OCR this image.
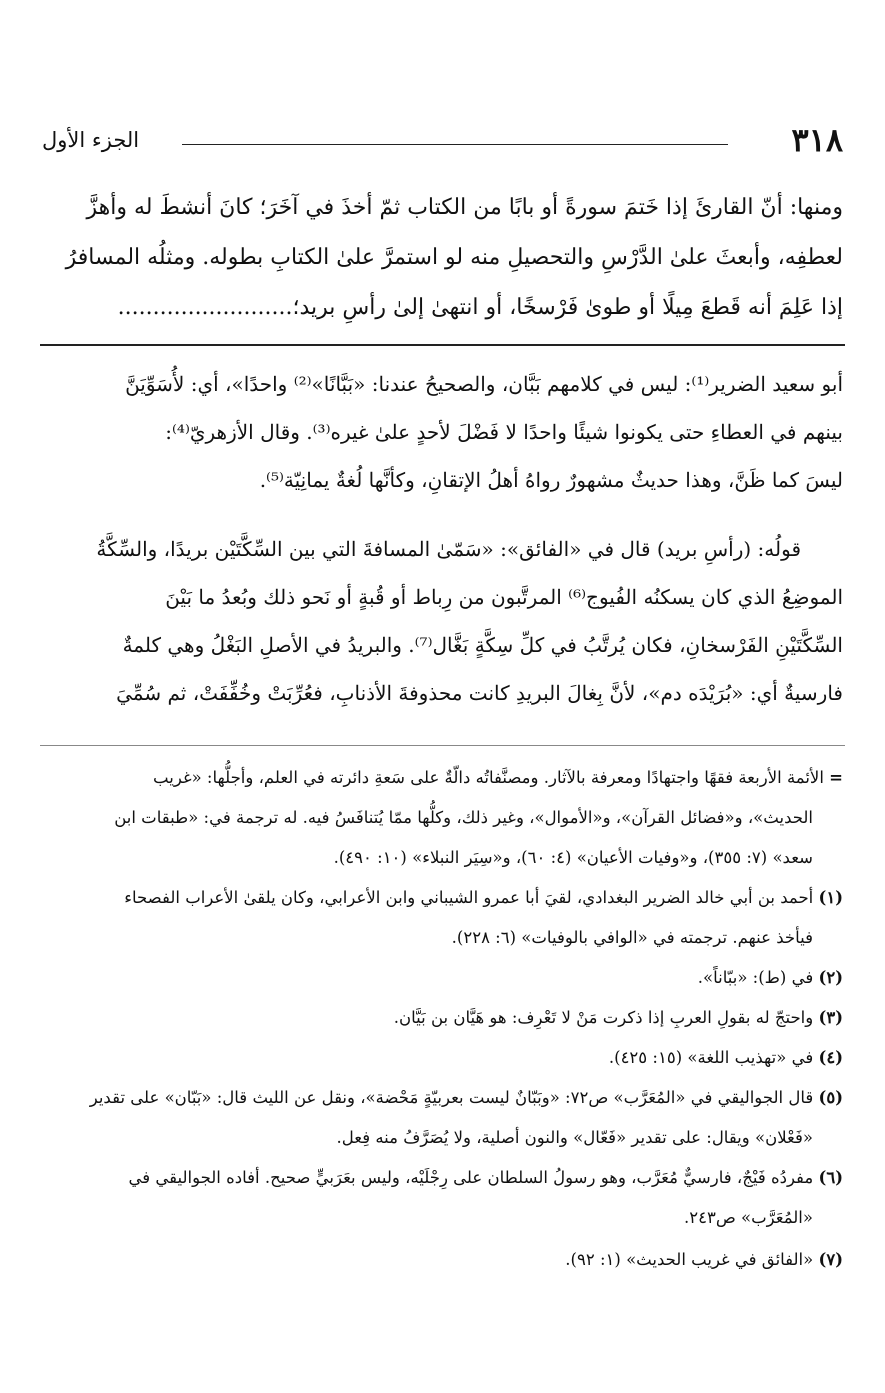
٣١٨
الجزء الأول
ومنها: أنّ القارئَ إذا خَتمَ سورةً أو بابًا من الكتاب ثمّ أخذَ في آخَرَ؛ كانَ أنشطَ له وأهزَّ
لعطفِه، وأبعثَ علىٰ الدَّرْسِ والتحصيلِ منه لو استمرَّ علىٰ الكتابِ بطوله. ومثلُه المسافرُ
إذا عَلِمَ أنه قَطعَ مِيلًا أو طوىٰ فَرْسخًا، أو انتهىٰ إلىٰ رأسِ بريد؛.........................
أبو سعيد الضرير⁽¹⁾: ليس في كلامهم بَبَّان، والصحيحُ عندنا: «بَبَّانًا»⁽²⁾ واحدًا»، أي: لأُسَوِّيَنَّ
بينهم في العطاءِ حتى يكونوا شيئًا واحدًا لا فَضْلَ لأحدٍ علىٰ غيره⁽³⁾. وقال الأزهريّ⁽⁴⁾:
ليسَ كما ظَنَّ، وهذا حديثٌ مشهورٌ رواهُ أهلُ الإتقانِ، وكأنَّها لُغةٌ يمانِيّة⁽⁵⁾.
قولُه: (رأسِ بريد) قال في «الفائق»: «سَمّىٰ المسافةَ التي بين السِّكَّتَيْن بريدًا، والسِّكَّةُ
الموضِعُ الذي كان يسكنُه الفُيوج⁽⁶⁾ المرتَّبون من رِباط أو قُبةٍ أو نَحو ذلك وبُعدُ ما بَيْنَ
السِّكَّتَيْنِ الفَرْسخانِ، فكان يُرتَّبُ في كلِّ سِكَّةٍ بَغَّال⁽⁷⁾. والبريدُ في الأصلِ البَغْلُ وهي كلمةٌ
فارسيةٌ أي: «بُرَيْدَه دم»، لأنَّ بِغالَ البريدِ كانت محذوفةَ الأذنابِ، فعُرِّبَتْ وخُفِّفَتْ، ثم سُمِّيَ
= الأئمة الأربعة فقهًا واجتهادًا ومعرفة بالآثار. ومصنَّفاتُه دالّةٌ على سَعةِ دائرته في العلم، وأجلُّها: «غريب
الحديث»، و«فضائل القرآن»، و«الأموال»، وغير ذلك، وكلُّها ممّا يُتنافَسُ فيه. له ترجمة في: «طبقات ابن
سعد» (٧: ٣٥٥)، و«وفيات الأعيان» (٤: ٦٠)، و«سِيَر النبلاء» (١٠: ٤٩٠).
(١) أحمد بن أبي خالد الضرير البغدادي، لقيَ أبا عمرو الشيباني وابن الأعرابي، وكان يلقىٰ الأعراب الفصحاء
فيأخذ عنهم. ترجمته في «الوافي بالوفيات» (٦: ٢٢٨).
(٢) في (ط): «ببّاناً».
(٣) واحتجّ له بقولِ العربِ إذا ذكرت مَنْ لا تَعْرِف: هو هَيَّان بن بَيَّان.
(٤) في «تهذيب اللغة» (١٥: ٤٢٥).
(٥) قال الجواليقي في «المُعَرَّب» ص٧٢: «وبَبّانٌ ليست بعربيّةٍ مَحْضة»، ونقل عن الليث قال: «بَبّان» على تقدير
«فَعْلان» ويقال: على تقدير «فَعّال» والنون أصلية، ولا يُصَرَّفُ منه فِعل.
(٦) مفردُه فَيْجٌ، فارسيٌّ مُعَرَّب، وهو رسولُ السلطان على رِجْلَيْه، وليس بعَرَبيٍّ صحيح. أفاده الجواليقي في
«المُعَرَّب» ص٢٤٣.
(٧) «الفائق في غريب الحديث» (١: ٩٢).
